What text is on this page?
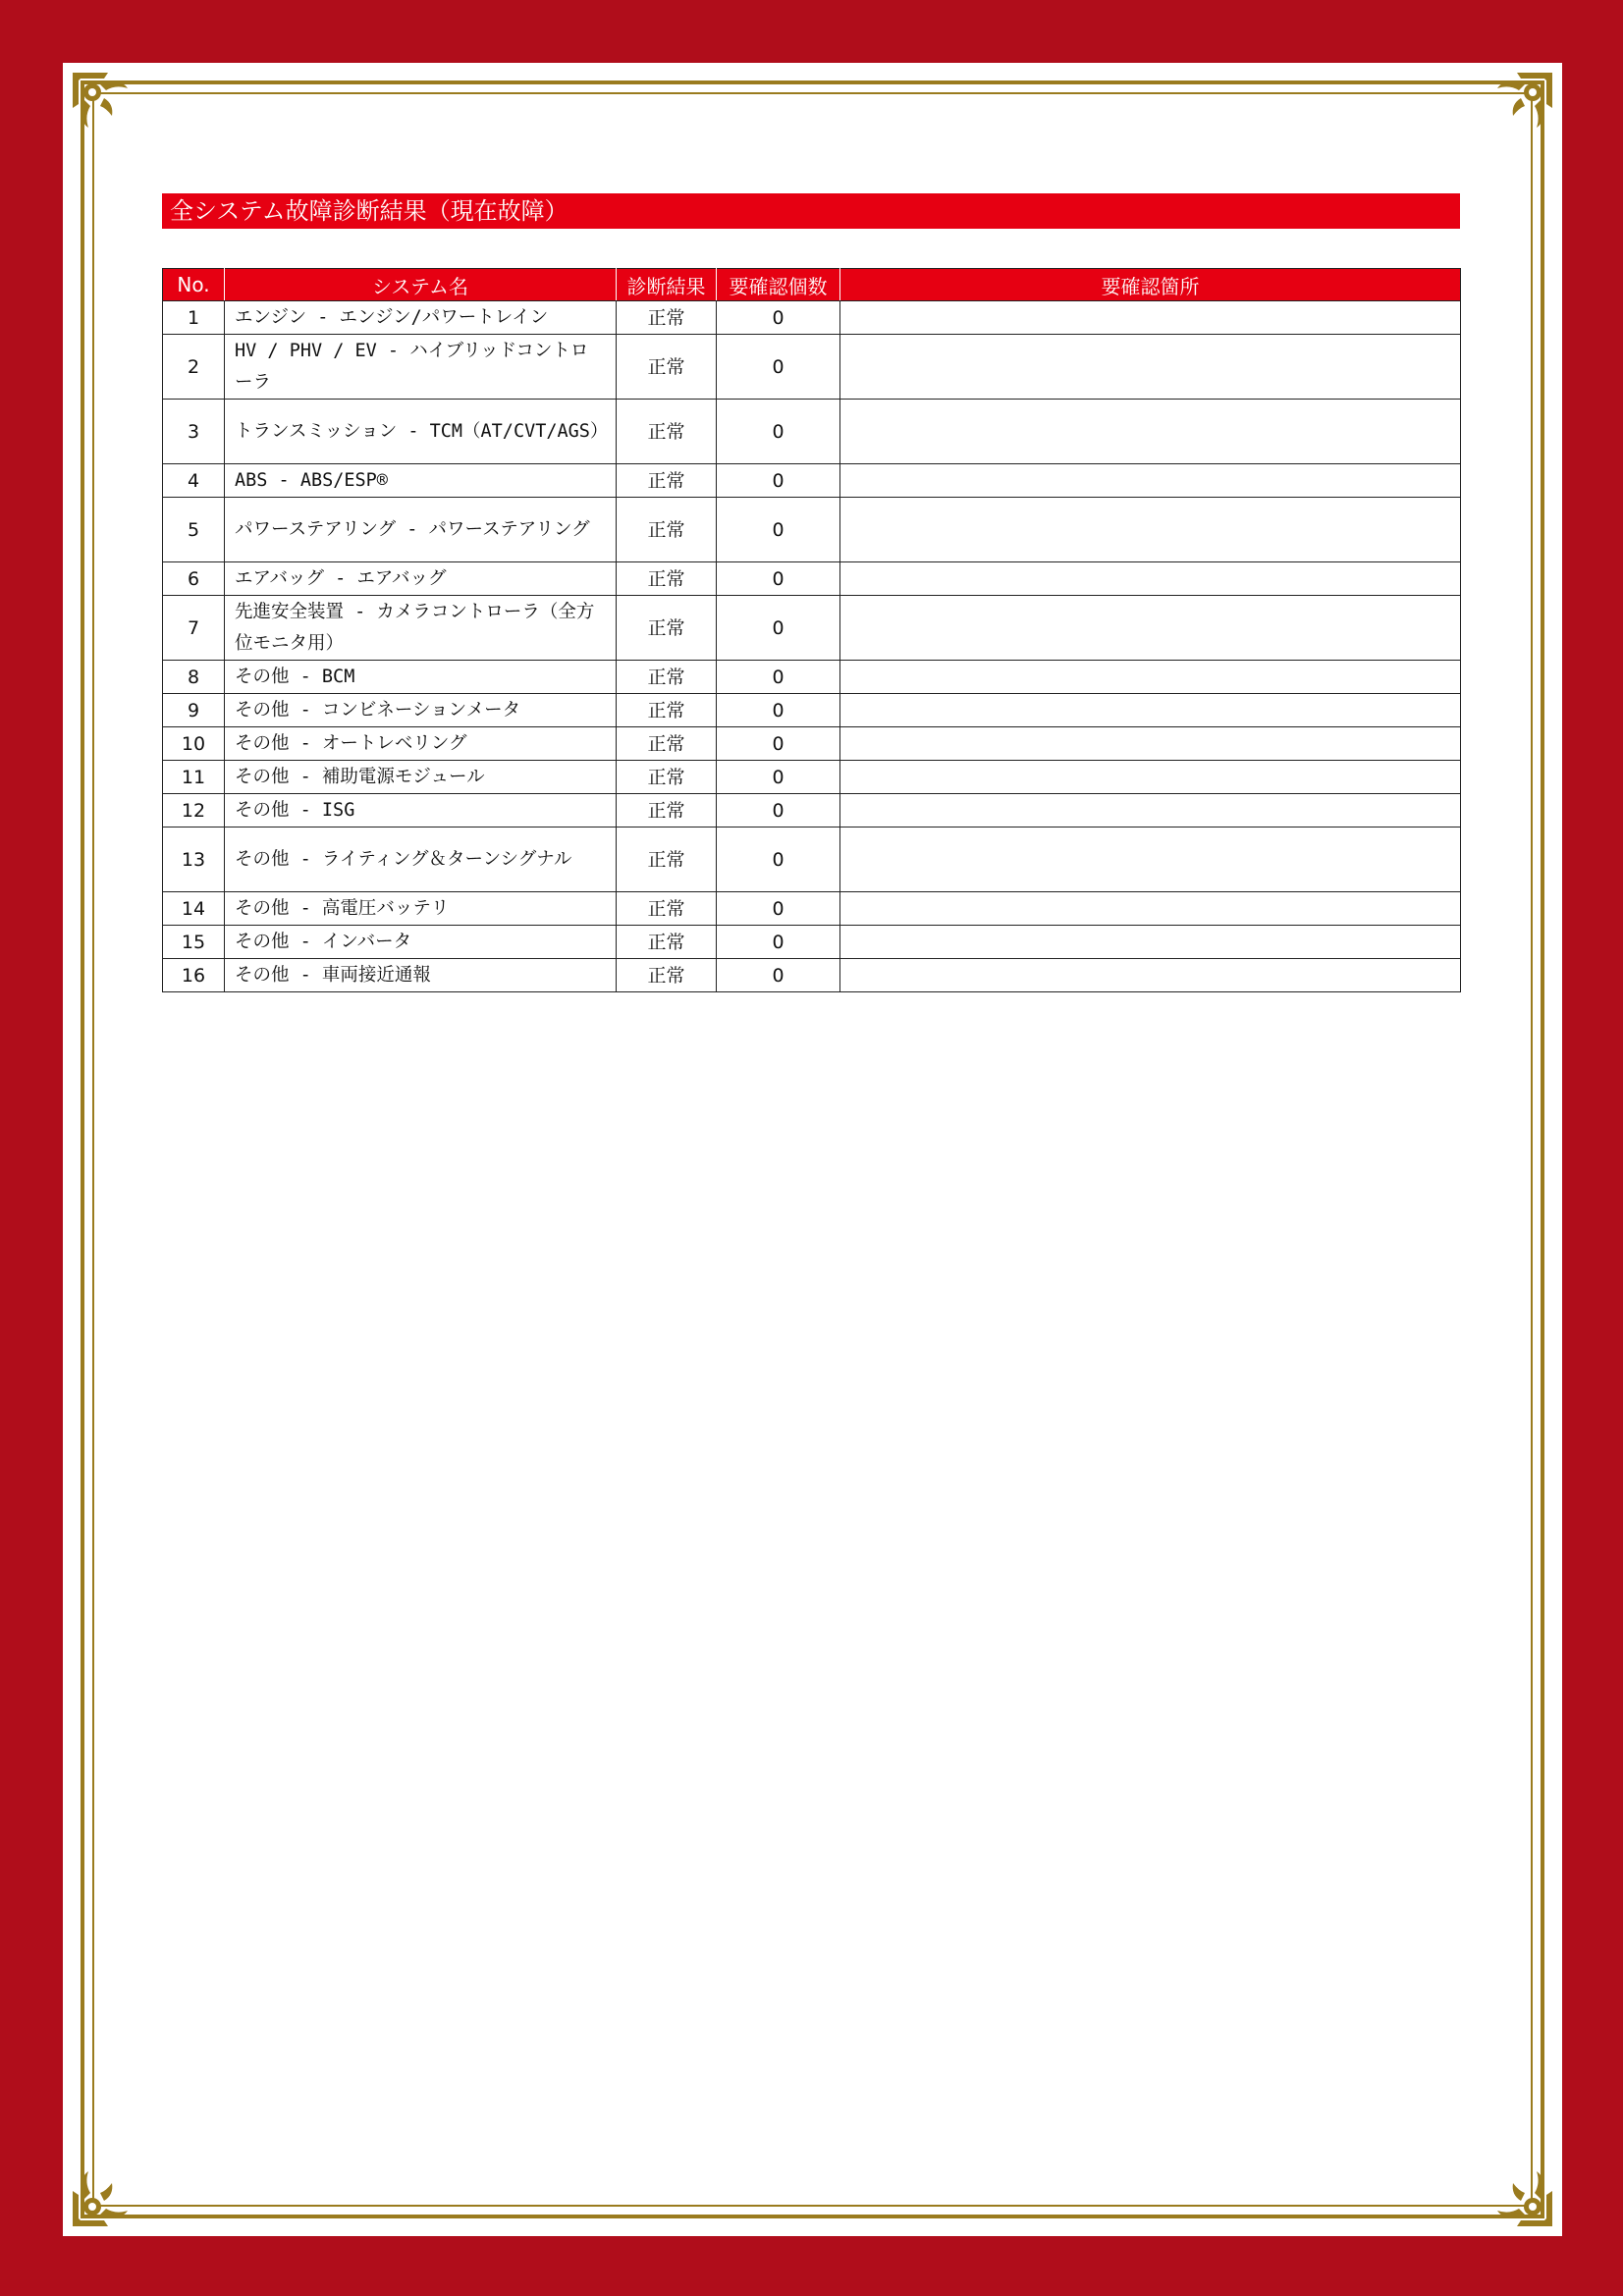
全システム故障診断結果（現在故障）
No.	システム名	診断結果	要確認個数	要確認箇所
1	エンジン - エンジン/パワートレイン	正常	0	
2	HV / PHV / EV - ハイブリッドコントローラ	正常	0	
3	トランスミッション - TCM（AT/CVT/AGS）	正常	0	
4	ABS - ABS/ESP®	正常	0	
5	パワーステアリング - パワーステアリング	正常	0	
6	エアバッグ - エアバッグ	正常	0	
7	先進安全装置 - カメラコントローラ（全方位モニタ用）	正常	0	
8	その他 - BCM	正常	0	
9	その他 - コンビネーションメータ	正常	0	
10	その他 - オートレベリング	正常	0	
11	その他 - 補助電源モジュール	正常	0	
12	その他 - ISG	正常	0	
13	その他 - ライティング＆ターンシグナル	正常	0	
14	その他 - 高電圧バッテリ	正常	0	
15	その他 - インバータ	正常	0	
16	その他 - 車両接近通報	正常	0	
